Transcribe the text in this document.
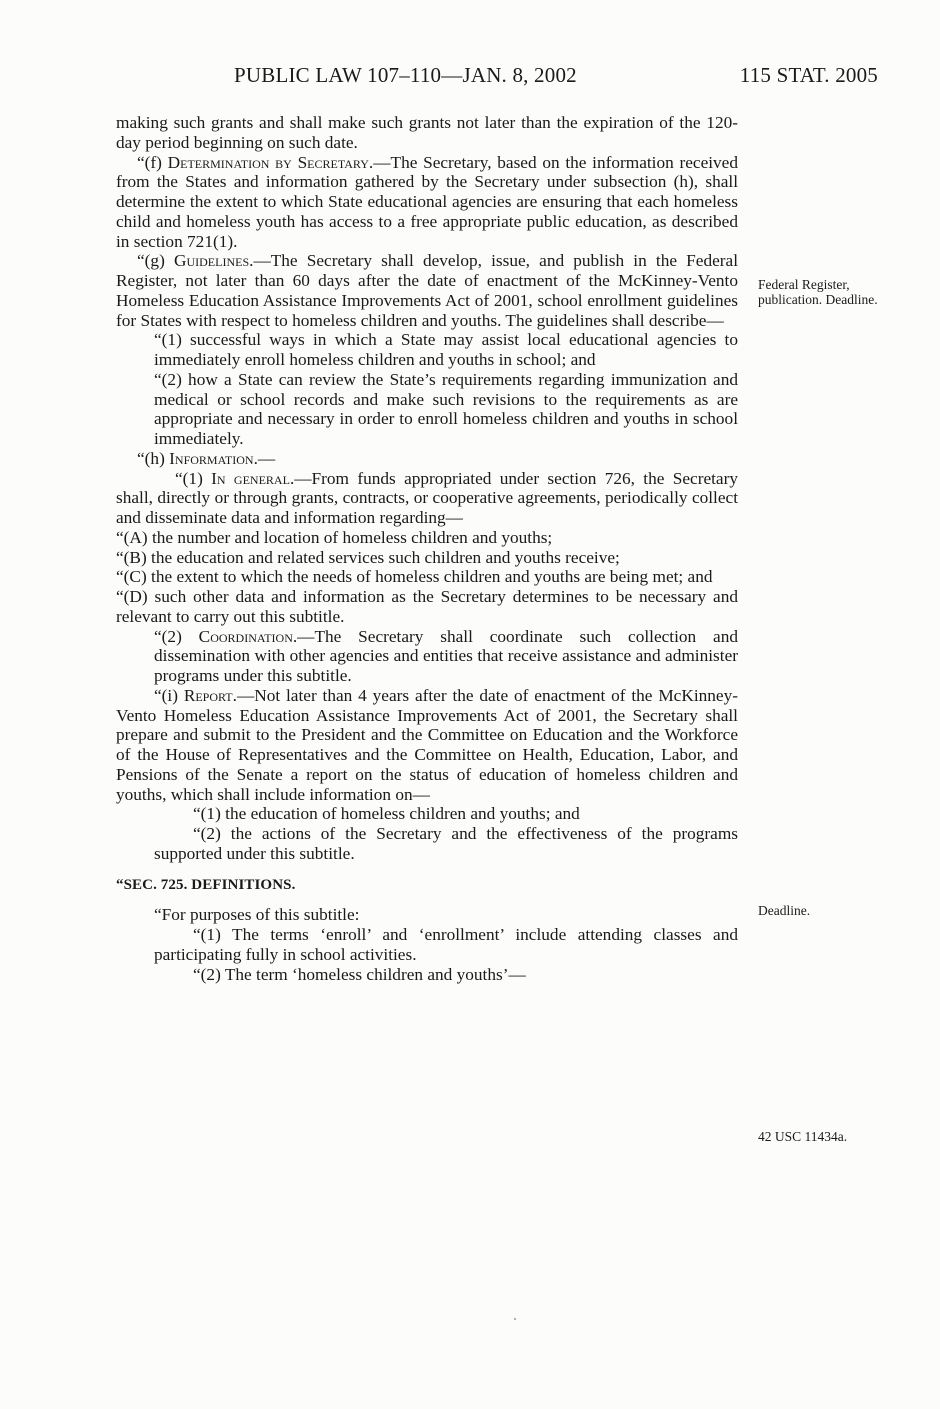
PUBLIC LAW 107–110—JAN. 8, 2002	115 STAT. 2005

making such grants and shall make such grants not later than the expiration of the 120-day period beginning on such date.

“(f) Determination by Secretary.—The Secretary, based on the information received from the States and information gathered by the Secretary under subsection (h), shall determine the extent to which State educational agencies are ensuring that each homeless child and homeless youth has access to a free appropriate public education, as described in section 721(1).

“(g) Guidelines.—The Secretary shall develop, issue, and publish in the Federal Register, not later than 60 days after the date of enactment of the McKinney-Vento Homeless Education Assistance Improvements Act of 2001, school enrollment guidelines for States with respect to homeless children and youths. The guidelines shall describe—

“(1) successful ways in which a State may assist local educational agencies to immediately enroll homeless children and youths in school; and

“(2) how a State can review the State’s requirements regarding immunization and medical or school records and make such revisions to the requirements as are appropriate and necessary in order to enroll homeless children and youths in school immediately.

“(h) Information.—

“(1) In general.—From funds appropriated under section 726, the Secretary shall, directly or through grants, contracts, or cooperative agreements, periodically collect and disseminate data and information regarding—

“(A) the number and location of homeless children and youths;

“(B) the education and related services such children and youths receive;

“(C) the extent to which the needs of homeless children and youths are being met; and

“(D) such other data and information as the Secretary determines to be necessary and relevant to carry out this subtitle.

“(2) Coordination.—The Secretary shall coordinate such collection and dissemination with other agencies and entities that receive assistance and administer programs under this subtitle.

“(i) Report.—Not later than 4 years after the date of enactment of the McKinney-Vento Homeless Education Assistance Improvements Act of 2001, the Secretary shall prepare and submit to the President and the Committee on Education and the Workforce of the House of Representatives and the Committee on Health, Education, Labor, and Pensions of the Senate a report on the status of education of homeless children and youths, which shall include information on—

“(1) the education of homeless children and youths; and

“(2) the actions of the Secretary and the effectiveness of the programs supported under this subtitle.

“SEC. 725. DEFINITIONS.

“For purposes of this subtitle:

“(1) The terms ‘enroll’ and ‘enrollment’ include attending classes and participating fully in school activities.

“(2) The term ‘homeless children and youths’—

Federal Register, publication. Deadline.
Deadline.
42 USC 11434a.
